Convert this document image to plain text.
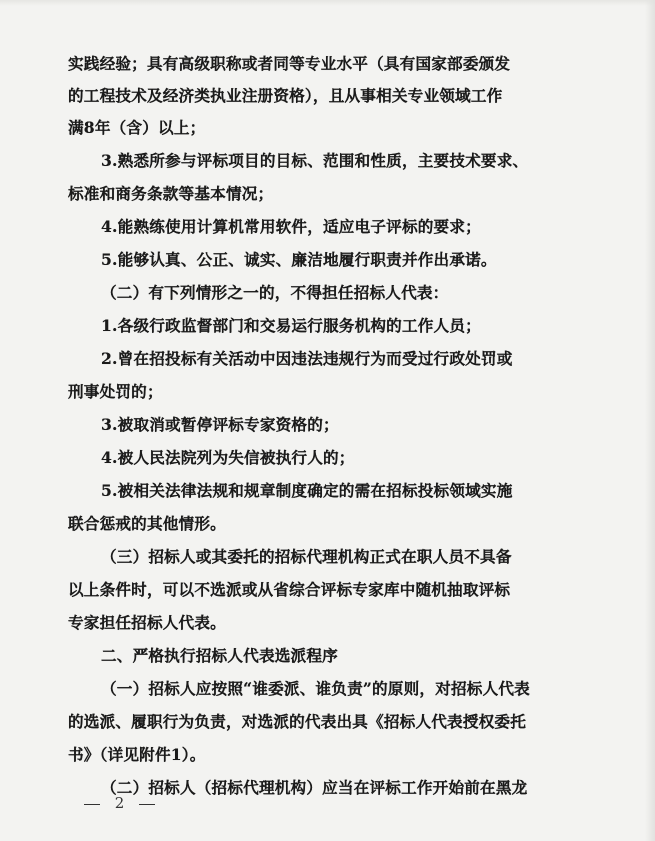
实践经验；具有高级职称或者同等专业水平（具有国家部委颁发
的工程技术及经济类执业注册资格），且从事相关专业领域工作
满8年（含）以上；
3.熟悉所参与评标项目的目标、范围和性质，主要技术要求、
标准和商务条款等基本情况；
4.能熟练使用计算机常用软件，适应电子评标的要求；
5.能够认真、公正、诚实、廉洁地履行职责并作出承诺。
（二）有下列情形之一的，不得担任招标人代表：
1.各级行政监督部门和交易运行服务机构的工作人员；
2.曾在招投标有关活动中因违法违规行为而受过行政处罚或
刑事处罚的；
3.被取消或暂停评标专家资格的；
4.被人民法院列为失信被执行人的；
5.被相关法律法规和规章制度确定的需在招标投标领域实施
联合惩戒的其他情形。
（三）招标人或其委托的招标代理机构正式在职人员不具备
以上条件时，可以不选派或从省综合评标专家库中随机抽取评标
专家担任招标人代表。
二、严格执行招标人代表选派程序
（一）招标人应按照“谁委派、谁负责”的原则，对招标人代表
的选派、履职行为负责，对选派的代表出具《招标人代表授权委托
书》（详见附件1）。
（二）招标人（招标代理机构）应当在评标工作开始前在黑龙
2
